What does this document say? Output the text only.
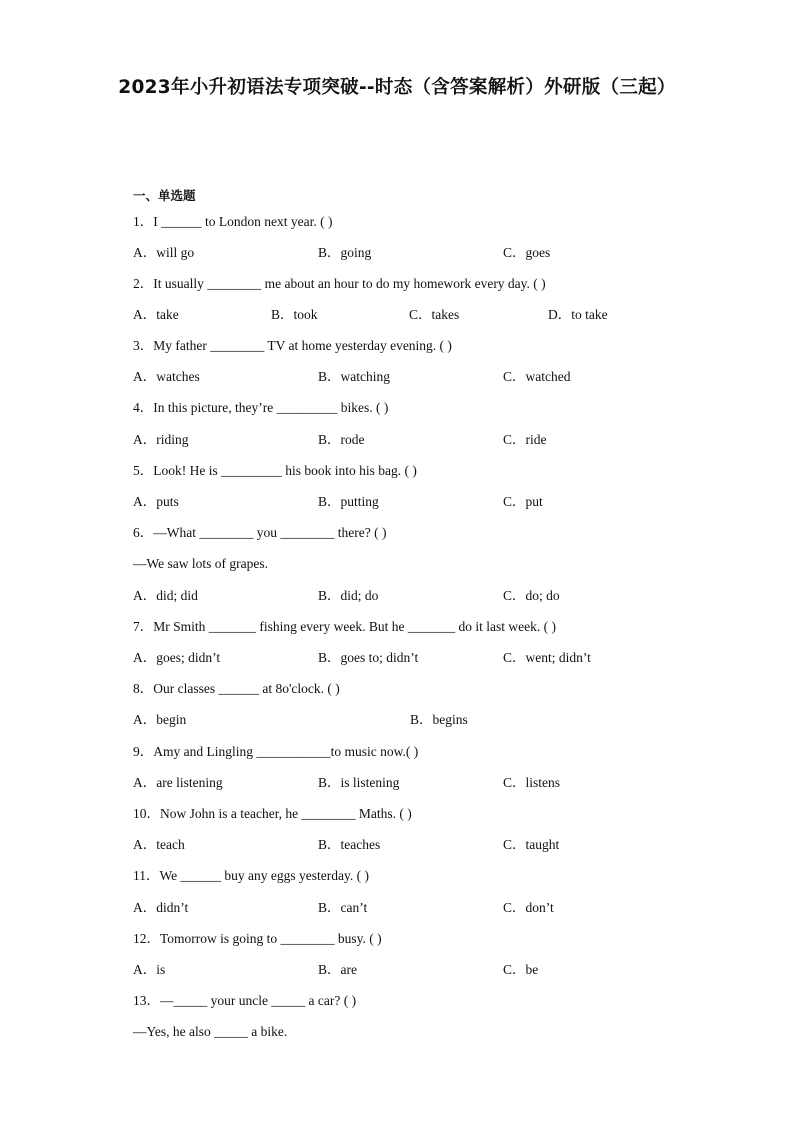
2023年小升初语法专项突破--时态（含答案解析）外研版（三起）
一、单选题
1．I ______ to London next year. ( )
A．will go	B．going	C．goes
2．It usually ________ me about an hour to do my homework every day. ( )
A．take	B．took	C．takes	D．to take
3．My father ________ TV at home yesterday evening. ( )
A．watches	B．watching	C．watched
4．In this picture, they’re _________ bikes. ( )
A．riding	B．rode	C．ride
5．Look! He is _________ his book into his bag. ( )
A．puts	B．putting	C．put
6．—What ________ you ________ there? ( )
—We saw lots of grapes.
A．did; did	B．did; do	C．do; do
7．Mr Smith _______ fishing every week. But he _______ do it last week. ( )
A．goes; didn’t	B．goes to; didn’t	C．went; didn’t
8．Our classes ______ at 8o'clock. ( )
A．begin	B．begins
9．Amy and Lingling ___________to music now.( )
A．are listening	B．is listening	C．listens
10．Now John is a teacher, he ________ Maths. ( )
A．teach	B．teaches	C．taught
11．We ______ buy any eggs yesterday. ( )
A．didn’t	B．can’t	C．don’t
12．Tomorrow is going to ________ busy. ( )
A．is	B．are	C．be
13．—_____ your uncle _____ a car? ( )
—Yes, he also _____ a bike.
